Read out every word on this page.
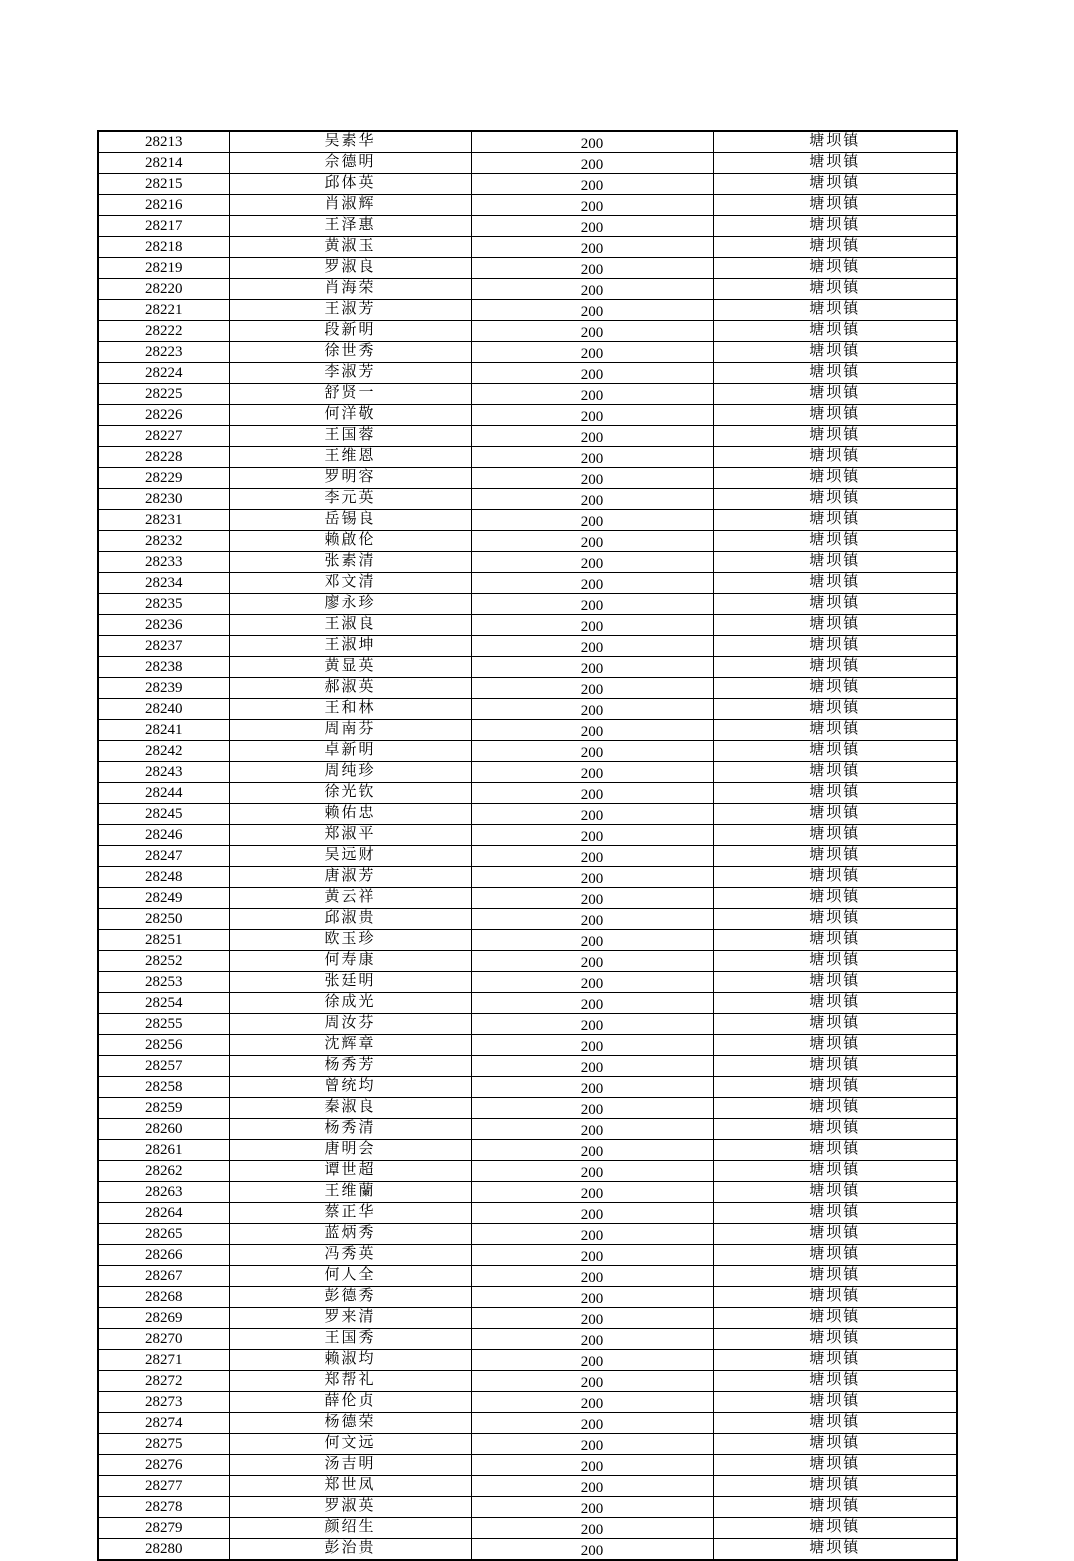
28213	吴素华	200	塘坝镇
28214	佘德明	200	塘坝镇
28215	邱体英	200	塘坝镇
28216	肖淑辉	200	塘坝镇
28217	王泽惠	200	塘坝镇
28218	黄淑玉	200	塘坝镇
28219	罗淑良	200	塘坝镇
28220	肖海荣	200	塘坝镇
28221	王淑芳	200	塘坝镇
28222	段新明	200	塘坝镇
28223	徐世秀	200	塘坝镇
28224	李淑芳	200	塘坝镇
28225	舒贤一	200	塘坝镇
28226	何洋敬	200	塘坝镇
28227	王国蓉	200	塘坝镇
28228	王维恩	200	塘坝镇
28229	罗明容	200	塘坝镇
28230	李元英	200	塘坝镇
28231	岳锡良	200	塘坝镇
28232	赖啟伦	200	塘坝镇
28233	张素清	200	塘坝镇
28234	邓文清	200	塘坝镇
28235	廖永珍	200	塘坝镇
28236	王淑良	200	塘坝镇
28237	王淑坤	200	塘坝镇
28238	黄显英	200	塘坝镇
28239	郝淑英	200	塘坝镇
28240	王和林	200	塘坝镇
28241	周南芬	200	塘坝镇
28242	卓新明	200	塘坝镇
28243	周纯珍	200	塘坝镇
28244	徐光钦	200	塘坝镇
28245	赖佑忠	200	塘坝镇
28246	郑淑平	200	塘坝镇
28247	吴远财	200	塘坝镇
28248	唐淑芳	200	塘坝镇
28249	黄云祥	200	塘坝镇
28250	邱淑贵	200	塘坝镇
28251	欧玉珍	200	塘坝镇
28252	何寿康	200	塘坝镇
28253	张廷明	200	塘坝镇
28254	徐成光	200	塘坝镇
28255	周汝芬	200	塘坝镇
28256	沈辉章	200	塘坝镇
28257	杨秀芳	200	塘坝镇
28258	曾统均	200	塘坝镇
28259	秦淑良	200	塘坝镇
28260	杨秀清	200	塘坝镇
28261	唐明会	200	塘坝镇
28262	谭世超	200	塘坝镇
28263	王维蘭	200	塘坝镇
28264	蔡正华	200	塘坝镇
28265	蓝炳秀	200	塘坝镇
28266	冯秀英	200	塘坝镇
28267	何人全	200	塘坝镇
28268	彭德秀	200	塘坝镇
28269	罗来清	200	塘坝镇
28270	王国秀	200	塘坝镇
28271	赖淑均	200	塘坝镇
28272	郑帮礼	200	塘坝镇
28273	薛伦贞	200	塘坝镇
28274	杨德荣	200	塘坝镇
28275	何文远	200	塘坝镇
28276	汤吉明	200	塘坝镇
28277	郑世凤	200	塘坝镇
28278	罗淑英	200	塘坝镇
28279	颜绍生	200	塘坝镇
28280	彭治贵	200	塘坝镇
